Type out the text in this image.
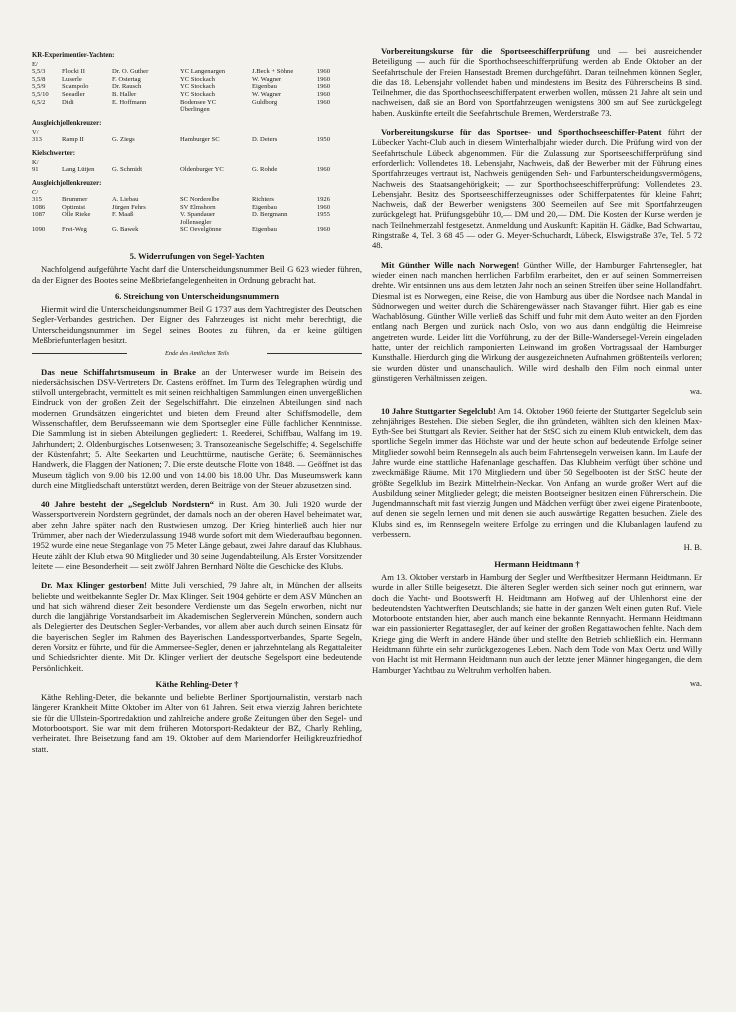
KR-Experimentier-Yachten:
E/
5,5/3	Flocki II	Dr. O. Guther	YC Langenargen	J.Beck + Söhne	1960
5,5/8	Luserle	F. Ostertag	YC Stockach	W. Wagner	1960
5,5/9	Scampolo	Dr. Rausch	YC Stockach	Eigenbau	1960
5,5/10	Seeadler	B. Haller	YC Stockach	W. Wagner	1960
6,5/2	Didi	E. Hoffmann	Bodensee YC	Guldborg	1960
Überlingen
Ausgleichjollenkreuzer:
V/
313	Ramp II	G. Ziegs	Hamburger SC	D. Deters	1950
Kielschwerter:
K/
91	Lang Lütjen	G. Schmidt	Oldenburger YC	G. Rohde	1960
Ausgleichjollenkreuzer:
C/
315	Brummer	A. Liebau	SC Norderelbe	Richters	1926
1086	Optimist	Jürgen Fehrs	SV Elmshorn	Eigenbau	1960
1087	Olle Rieke	F. Maaß	V. Spandauer	D. Bergmann	1955
Jollensegler
1090	Frei-Weg	G. Bawek	SC Oevelgönne	Eigenbau	1960

5. Widerrufungen von Segel-Yachten

Nachfolgend aufgeführte Yacht darf die Unterscheidungsnummer Beil G 623 wieder führen, da der Eigner des Bootes seine Meßbriefangelegenheiten in Ordnung gebracht hat.

6. Streichung von Unterscheidungsnummern

Hiermit wird die Unterscheidungsnummer Beil G 1737 aus dem Yachtregister des Deutschen Segler-Verbandes gestrichen. Der Eigner des Fahrzeuges ist nicht mehr berechtigt, die Unterscheidungsnummer im Segel seines Bootes zu führen, da er keine gültigen Meßbriefunterlagen besitzt.

Ende des Amtlichen Teils

Das neue Schiffahrtsmuseum in Brake an der Unterweser wurde im Beisein des niedersächsischen DSV-Vertreters Dr. Castens eröffnet. Im Turm des Telegraphen würdig und stilvoll untergebracht, vermittelt es mit seinen reichhaltigen Sammlungen einen unvergeßlichen Eindruck von der großen Zeit der Segelschiffahrt. Die einzelnen Abteilungen sind nach modernen Grundsätzen eingerichtet und bieten dem Freund alter Schiffsmodelle, dem Wissenschaftler, dem Berufsseemann wie dem Sportsegler eine Fülle fachlicher Kenntnisse. Die Sammlung ist in sieben Abteilungen gegliedert: 1. Reederei, Schiffbau, Walfang im 19. Jahrhundert; 2. Oldenburgisches Lotsenwesen; 3. Transozeanische Segelschiffe; 4. Segelschiffe der Küstenfahrt; 5. Alte Seekarten und Leuchttürme, nautische Geräte; 6. Seemännisches Handwerk, die Flaggen der Nationen; 7. Die erste deutsche Flotte von 1848. — Geöffnet ist das Museum täglich von 9.00 bis 12.00 und von 14.00 bis 18.00 Uhr. Das Museumswerk kann durch eine Mitgliedschaft unterstützt werden, deren Beiträge von der Steuer abzusetzen sind.

40 Jahre besteht der „Segelclub Nordstern“ in Rust. Am 30. Juli 1920 wurde der Wassersportverein Nordstern gegründet, der damals noch an der oberen Havel beheimatet war, aber zehn Jahre später nach den Rustwiesen umzog. Der Krieg hinterließ auch hier nur Trümmer, aber nach der Wiederzulassung 1948 wurde sofort mit dem Wiederaufbau begonnen. 1952 wurde eine neue Steganlage von 75 Meter Länge gebaut, zwei Jahre darauf das Klubhaus. Heute zählt der Klub etwa 90 Mitglieder und 30 seine Jugendabteilung. Als Erster Vorsitzender leitete — eine Besonderheit — seit zwölf Jahren Bernhard Nölte die Geschicke des Klubs.

Dr. Max Klinger gestorben! Mitte Juli verschied, 79 Jahre alt, in München der allseits beliebte und weitbekannte Segler Dr. Max Klinger. Seit 1904 gehörte er dem ASV München an und hat sich während dieser Zeit besondere Verdienste um das Segeln erworben, nicht nur durch die langjährige Vorstandsarbeit im Akademischen Seglerverein München, sondern auch als Delegierter des Deutschen Segler-Verbandes, vor allem aber auch durch seinen Einsatz für die bayerischen Segler im Rahmen des Bayerischen Landessportverbandes, Sparte Segeln, deren Vorsitz er führte, und für die Ammersee-Segler, denen er jahrzehntelang als Regattaleiter und Schiedsrichter diente. Mit Dr. Klinger verliert der deutsche Segelsport eine bedeutende Persönlichkeit.

Käthe Rehling-Deter †

Käthe Rehling-Deter, die bekannte und beliebte Berliner Sportjournalistin, verstarb nach längerer Krankheit Mitte Oktober im Alter von 61 Jahren. Seit etwa vierzig Jahren berichtete sie für die Ullstein-Sportredaktion und zahlreiche andere große Zeitungen über den Segel- und Motorbootsport. Sie war mit dem früheren Motorsport-Redakteur der BZ, Charly Rehling, verheiratet. Ihre Beisetzung fand am 19. Oktober auf dem Mariendorfer Heiligkreuzfriedhof statt.

Vorbereitungskurse für die Sportseeschifferprüfung und — bei ausreichender Beteiligung — auch für die Sporthochseeschifferprüfung werden ab Ende Oktober an der Seefahrtschule der Freien Hansestadt Bremen durchgeführt. Daran teilnehmen können Segler, die das 18. Lebensjahr vollendet haben und mindestens im Besitz des Führerscheins B sind. Teilnehmer, die das Sporthochseeschifferpatent erwerben wollen, müssen 21 Jahre alt sein und nachweisen, daß sie an Bord von Sportfahrzeugen wenigstens 300 sm auf See zurückgelegt haben. Auskünfte erteilt die Seefahrtschule Bremen, Werderstraße 73.

Vorbereitungskurse für das Sportsee- und Sporthochseeschiffer-Patent führt der Lübecker Yacht-Club auch in diesem Winterhalbjahr wieder durch. Die Prüfung wird von der Seefahrtschule Lübeck abgenommen. Für die Zulassung zur Sportseeschifferprüfung sind erforderlich: Vollendetes 18. Lebensjahr, Nachweis, daß der Bewerber mit der Führung eines Sportfahrzeuges vertraut ist, Nachweis genügenden Seh- und Farbunterscheidungsvermögens, Nachweis des Staatsangehörigkeit; — zur Sporthochseeschifferprüfung: Vollendetes 23. Lebensjahr. Besitz des Sportseeschifferzeugnisses oder Schifferpatentes für kleine Fahrt; Nachweis, daß der Bewerber wenigstens 300 Seemeilen auf See mit Sportfahrzeugen zurückgelegt hat. Prüfungsgebühr 10,— DM und 20,— DM. Die Kosten der Kurse werden je nach Teilnehmerzahl festgesetzt. Anmeldung und Auskunft: Kapitän H. Gädke, Bad Schwartau, Ringstraße 4, Tel. 3 68 45 — oder G. Meyer-Schuchardt, Lübeck, Elswigstraße 37e, Tel. 5 72 48.

Mit Günther Wille nach Norwegen! Günther Wille, der Hamburger Fahrtensegler, hat wieder einen nach manchen herrlichen Farbfilm erarbeitet, den er auf seinen Sommerreisen drehte. Wir entsinnen uns aus dem letzten Jahr noch an seinen Streifen über seine Hollandfahrt. Diesmal ist es Norwegen, eine Reise, die von Hamburg aus über die Nordsee nach Mandal in Südnorwegen und weiter durch die Schärengewässer nach Stavanger führt. Hier gab es eine Wachablösung. Günther Wille verließ das Schiff und fuhr mit dem Auto weiter an den Fjorden entlang nach Bergen und zurück nach Oslo, von wo aus dann endgültig die Heimreise angetreten wurde. Leider litt die Vorführung, zu der der Bille-Wandersegel-Verein eingeladen hatte, unter der reichlich ramponierten Leinwand im großen Vortragssaal der Hamburger Kunsthalle. Hierdurch ging die Wirkung der ausgezeichneten Aufnahmen größtenteils verloren; sie wurden düster und unanschaulich. Wille wird deshalb den Film noch einmal unter günstigeren Verhältnissen zeigen.

wa.

10 Jahre Stuttgarter Segelclub! Am 14. Oktober 1960 feierte der Stuttgarter Segelclub sein zehnjähriges Bestehen. Die sieben Segler, die ihn gründeten, wählten sich den kleinen Max-Eyth-See bei Stuttgart als Revier. Seither hat der StSC sich zu einem Klub entwickelt, dem das sportliche Segeln immer das Höchste war und der heute schon auf bedeutende Erfolge seiner Mitglieder sowohl beim Rennsegeln als auch beim Fahrtensegeln verweisen kann. Im Laufe der Jahre wurde eine stattliche Hafenanlage geschaffen. Das Klubheim verfügt über schöne und zweckmäßige Räume. Mit 170 Mitgliedern und über 50 Segelbooten ist der StSC heute der größte Segelklub im Bezirk Mittelrhein-Neckar. Von Anfang an wurde großer Wert auf die Ausbildung seiner Mitglieder gelegt; die meisten Bootseigner besitzen einen Führerschein. Die Jugendmannschaft mit fast vierzig Jungen und Mädchen verfügt über zwei eigene Piratenboote, auf denen sie segeln lernen und mit denen sie auch auswärtige Regatten besuchen. Ziele des Klubs sind es, im Rennsegeln weitere Erfolge zu erringen und die Klubanlagen laufend zu verbessern.

H. B.

Hermann Heidtmann †

Am 13. Oktober verstarb in Hamburg der Segler und Werftbesitzer Hermann Heidtmann. Er wurde in aller Stille beigesetzt. Die älteren Segler werden sich seiner noch gut erinnern, war doch die Yacht- und Bootswerft H. Heidtmann am Hofweg auf der Uhlenhorst eine der bedeutendsten Yachtwerften Deutschlands; sie hatte in der ganzen Welt einen guten Ruf. Viele Motorboote entstanden hier, aber auch manch eine bekannte Rennyacht. Hermann Heidtmann war ein passionierter Regattasegler, der auf keiner der großen Regattawochen fehlte. Nach dem Kriege ging die Werft in andere Hände über und stellte den Betrieb schließlich ein. Hermann Heidtmann führte ein sehr zurückgezogenes Leben. Nach dem Tode von Max Oertz und Willy von Hacht ist mit Hermann Heidtmann nun auch der letzte jener Männer hingegangen, die dem Hamburger Yachtbau zu Weltruhm verholfen haben.

wa.
